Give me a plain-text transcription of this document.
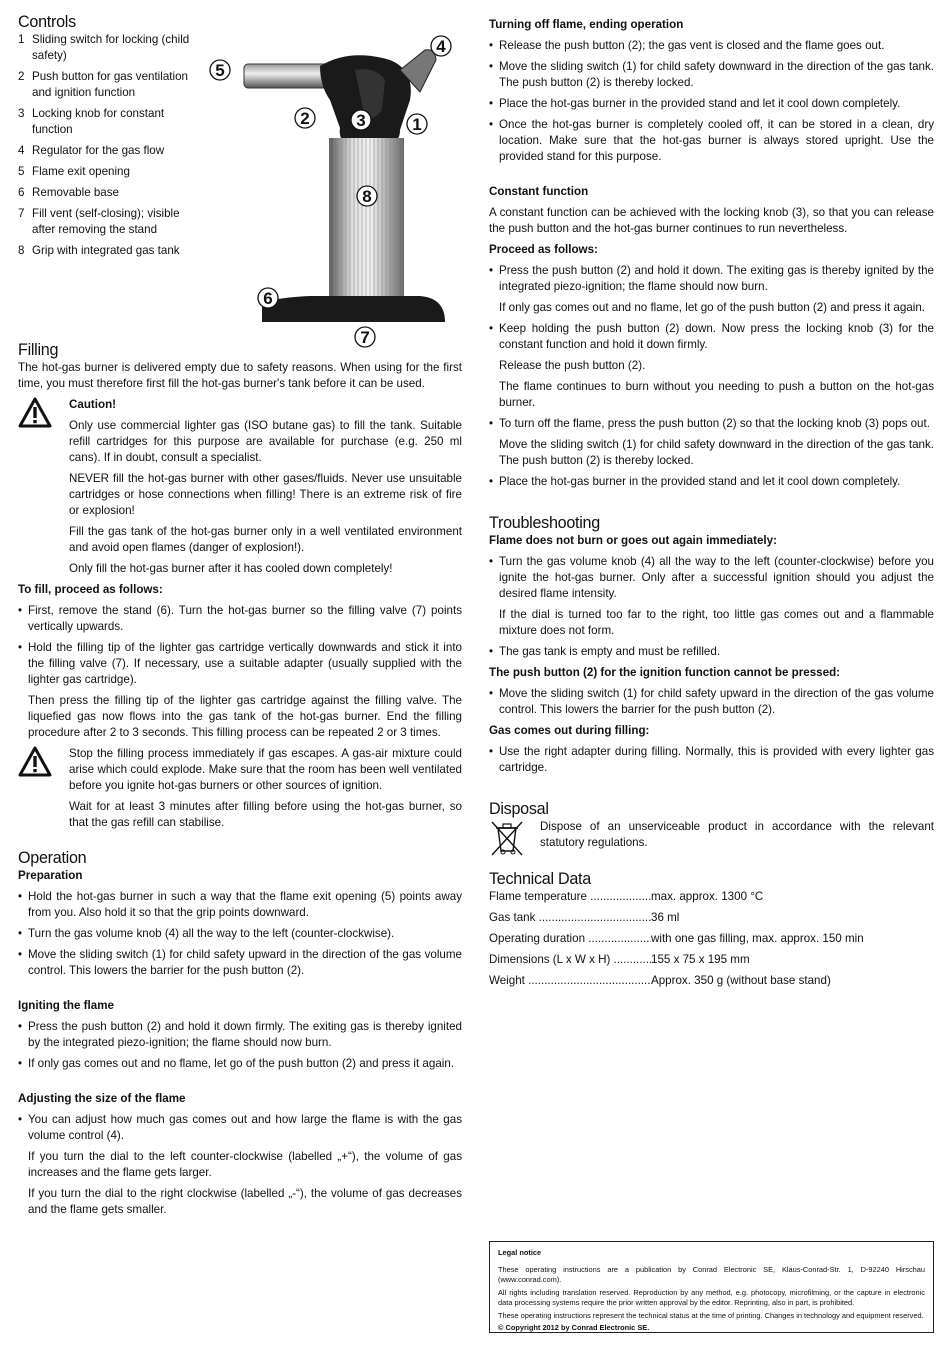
Controls
1 Sliding switch for locking (child safety)
2 Push button for gas ventilation and ignition function
3 Locking knob for constant function
4 Regulator for the gas flow
5 Flame exit opening
6 Removable base
7 Fill vent (self-closing); visible after removing the stand
8 Grip with integrated gas tank
Filling

The hot-gas burner is delivered empty due to safety reasons. When using for the first time, you must therefore first fill the hot-gas burner's tank before it can be used.

Caution!

Only use commercial lighter gas (ISO butane gas) to fill the tank. Suitable refill cartridges for this purpose are available for purchase (e.g. 250 ml cans). If in doubt, consult a specialist.

NEVER fill the hot-gas burner with other gases/fluids. Never use unsuitable cartridges or hose connections when filling! There is an extreme risk of fire or explosion!

Fill the gas tank of the hot-gas burner only in a well ventilated environment and avoid open flames (danger of explosion!).

Only fill the hot-gas burner after it has cooled down completely!

To fill, proceed as follows:
• First, remove the stand (6). Turn the hot-gas burner so the filling valve (7) points vertically upwards.
• Hold the filling tip of the lighter gas cartridge vertically downwards and stick it into the filling valve (7). If necessary, use a suitable adapter (usually supplied with the lighter gas cartridge).

Then press the filling tip of the lighter gas cartridge against the filling valve. The liquefied gas now flows into the gas tank of the hot-gas burner. End the filling procedure after 2 to 3 seconds. This filling process can be repeated 2 or 3 times.

Stop the filling process immediately if gas escapes. A gas-air mixture could arise which could explode. Make sure that the room has been well ventilated before you ignite hot-gas burners or other sources of ignition.

Wait for at least 3 minutes after filling before using the hot-gas burner, so that the gas refill can stabilise.

Operation
Preparation
• Hold the hot-gas burner in such a way that the flame exit opening (5) points away from you. Also hold it so that the grip points downward.
• Turn the gas volume knob (4) all the way to the left (counter-clockwise).
• Move the sliding switch (1) for child safety upward in the direction of the gas volume control. This lowers the barrier for the push button (2).
Igniting the flame
• Press the push button (2) and hold it down firmly. The exiting gas is thereby ignited by the integrated piezo-ignition; the flame should now burn.
• If only gas comes out and no flame, let go of the push button (2) and press it again.
Adjusting the size of the flame
• You can adjust how much gas comes out and how large the flame is with the gas volume control (4).

If you turn the dial to the left counter-clockwise (labelled „+“), the volume of gas increases and the flame gets larger.

If you turn the dial to the right clockwise (labelled „-“), the volume of gas decreases and the flame gets smaller.

5
4
2	3	1
8
6
7
Turning off flame, ending operation
• Release the push button (2); the gas vent is closed and the flame goes out.
• Move the sliding switch (1) for child safety downward in the direction of the gas tank. The push button (2) is thereby locked.
• Place the hot-gas burner in the provided stand and let it cool down completely.
• Once the hot-gas burner is completely cooled off, it can be stored in a clean, dry location. Make sure that the hot-gas burner is always stored upright. Use the provided stand for this purpose.
Constant function

A constant function can be achieved with the locking knob (3), so that you can release the push button and the hot-gas burner continues to run nevertheless.

Proceed as follows:
• Press the push button (2) and hold it down. The exiting gas is thereby ignited by the integrated piezo-ignition; the flame should now burn.

If only gas comes out and no flame, let go of the push button (2) and press it again.

• Keep holding the push button (2) down. Now press the locking knob (3) for the constant function and hold it down firmly.

Release the push button (2).

The flame continues to burn without you needing to push a button on the hot-gas burner.

• To turn off the flame, press the push button (2) so that the locking knob (3) pops out.

Move the sliding switch (1) for child safety downward in the direction of the gas tank. The push button (2) is thereby locked.

• Place the hot-gas burner in the provided stand and let it cool down completely.
Troubleshooting
Flame does not burn or goes out again immediately:
• Turn the gas volume knob (4) all the way to the left (counter-clockwise) before you ignite the hot-gas burner. Only after a successful ignition should you adjust the desired flame intensity.

If the dial is turned too far to the right, too little gas comes out and a flammable mixture does not form.

• The gas tank is empty and must be refilled.
The push button (2) for the ignition function cannot be pressed:
• Move the sliding switch (1) for child safety upward in the direction of the gas volume control. This lowers the barrier for the push button (2).
Gas comes out during filling:
• Use the right adapter during filling. Normally, this is provided with every lighter gas cartridge.
Disposal

Dispose of an unserviceable product in accordance with the relevant statutory regulations.

Technical Data
Flame temperature .....	max. approx. 1300 °C
Gas tank .....	36 ml
Operating duration .....	with one gas filling, max. approx. 150 min
Dimensions (L x W x H) .....	155 x 75 x 195 mm
Weight .....	Approx. 350 g (without base stand)

Legal notice

These operating instructions are a publication by Conrad Electronic SE, Klaus-Conrad-Str. 1, D-92240 Hirschau (www.conrad.com).

All rights including translation reserved. Reproduction by any method, e.g. photocopy, microfilming, or the capture in electronic data processing systems require the prior written approval by the editor. Reprinting, also in part, is prohibited.

These operating instructions represent the technical status at the time of printing. Changes in technology and equipment reserved.

© Copyright 2012 by Conrad Electronic SE.
